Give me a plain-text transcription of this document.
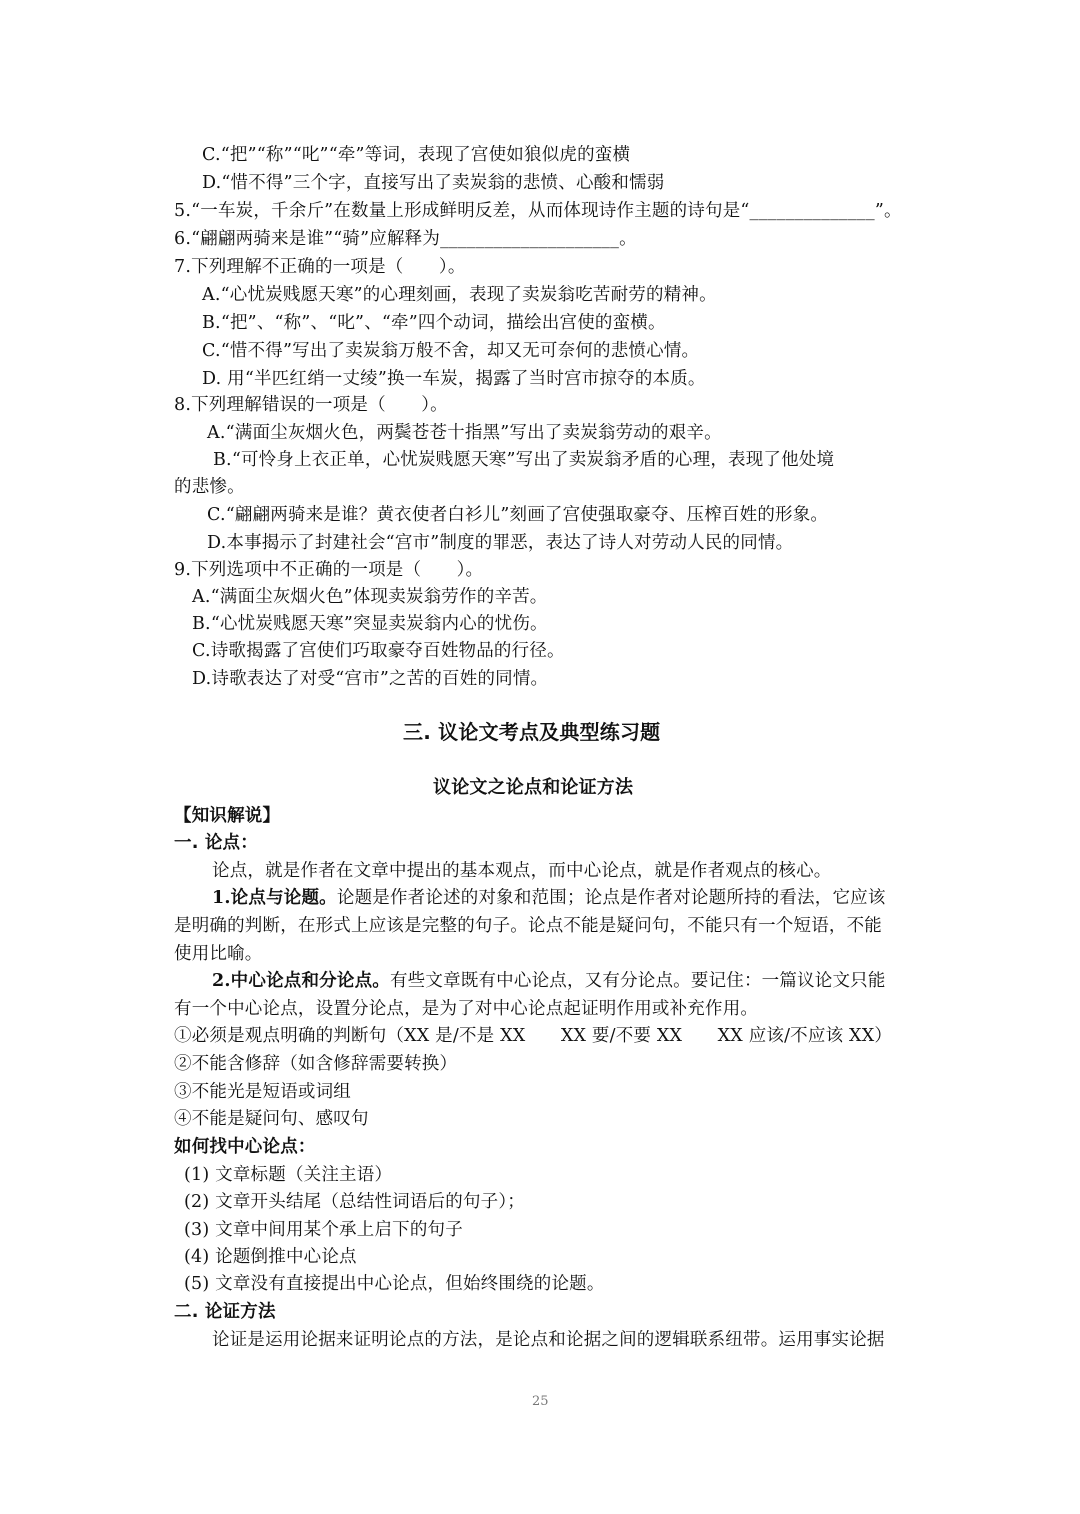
C.“把”“称”“叱”“牵”等词，表现了宫使如狼似虎的蛮横
D.“惜不得”三个字，直接写出了卖炭翁的悲愤、心酸和懦弱
5.“一车炭，千余斤”在数量上形成鲜明反差，从而体现诗作主题的诗句是“______________”。
6.“翩翩两骑来是谁”“骑”应解释为____________________。
7.下列理解不正确的一项是（　　）。
A.“心忧炭贱愿天寒”的心理刻画，表现了卖炭翁吃苦耐劳的精神。
B.“把”、“称”、“叱”、“牵”四个动词，描绘出宫使的蛮横。
C.“惜不得”写出了卖炭翁万般不舍，却又无可奈何的悲愤心情。
D. 用“半匹红绡一丈绫”换一车炭，揭露了当时宫市掠夺的本质。
8.下列理解错误的一项是（　　）。
A.“满面尘灰烟火色，两鬓苍苍十指黑”写出了卖炭翁劳动的艰辛。
B.“可怜身上衣正单，心忧炭贱愿天寒”写出了卖炭翁矛盾的心理，表现了他处境
的悲惨。
C.“翩翩两骑来是谁？黄衣使者白衫儿”刻画了宫使强取豪夺、压榨百姓的形象。
D.本事揭示了封建社会“宫市”制度的罪恶，表达了诗人对劳动人民的同情。
9.下列选项中不正确的一项是（　　）。
A.“满面尘灰烟火色”体现卖炭翁劳作的辛苦。
B.“心忧炭贱愿天寒”突显卖炭翁内心的忧伤。
C.诗歌揭露了宫使们巧取豪夺百姓物品的行径。
D.诗歌表达了对受“宫市”之苦的百姓的同情。
三. 议论文考点及典型练习题
议论文之论点和论证方法
【知识解说】
一. 论点：
论点，就是作者在文章中提出的基本观点，而中心论点，就是作者观点的核心。
1.论点与论题。论题是作者论述的对象和范围；论点是作者对论题所持的看法，它应该
是明确的判断，在形式上应该是完整的句子。论点不能是疑问句，不能只有一个短语，不能
使用比喻。
2.中心论点和分论点。有些文章既有中心论点，又有分论点。要记住：一篇议论文只能
有一个中心论点，设置分论点，是为了对中心论点起证明作用或补充作用。
①必须是观点明确的判断句（XX 是/不是 XX　　XX 要/不要 XX　　XX 应该/不应该 XX）
②不能含修辞（如含修辞需要转换）
③不能光是短语或词组
④不能是疑问句、感叹句
如何找中心论点：
(1) 文章标题（关注主语）
(2) 文章开头结尾（总结性词语后的句子）；
(3) 文章中间用某个承上启下的句子
(4) 论题倒推中心论点
(5) 文章没有直接提出中心论点，但始终围绕的论题。
二. 论证方法
论证是运用论据来证明论点的方法，是论点和论据之间的逻辑联系纽带。运用事实论据
25
